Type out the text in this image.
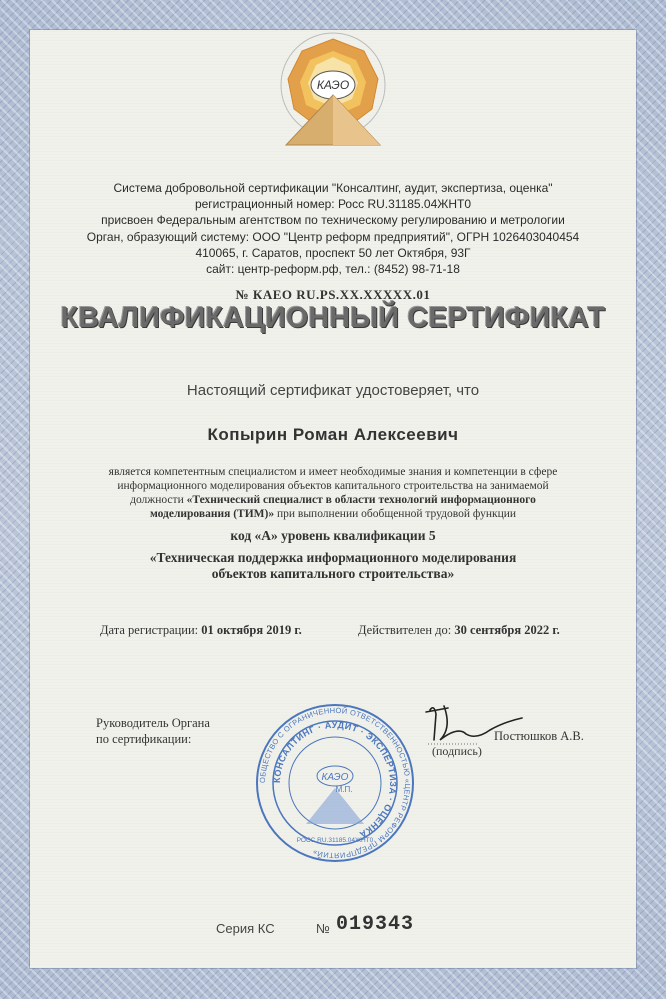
КАЭО
Система добровольной сертификации "Консалтинг, аудит, экспертиза, оценка"
регистрационный номер: Росс RU.31185.04ЖНТ0
присвоен Федеральным агентством по техническому регулированию и метрологии
Орган, образующий систему: ООО "Центр реформ предприятий", ОГРН 1026403040454
410065, г. Саратов, проспект 50 лет Октября, 93Г
сайт: центр-реформ.рф, тел.: (8452) 98-71-18
№ КАЕО RU.PS.XX.XXXXX.01
КВАЛИФИКАЦИОННЫЙ СЕРТИФИКАТ
Настоящий сертификат удостоверяет, что
Копырин Роман Алексеевич
является компетентным специалистом и имеет необходимые знания и компетенции в сфере
информационного моделирования объектов капитального строительства на занимаемой
должности «Технический специалист в области технологий информационного
моделирования (ТИМ)» при выполнении обобщенной трудовой функции
код «А» уровень квалификации 5
«Техническая поддержка информационного моделирования
объектов капитального строительства»
Дата регистрации: 01 октября 2019 г.	Действителен до: 30 сентября 2022 г.
Руководитель Органа
по сертификации:	Постюшков А.В.
(подпись)
ОБЩЕСТВО С ОГРАНИЧЕННОЙ ОТВЕТСТВЕННОСТЬЮ «ЦЕНТР РЕФОРМ ПРЕДПРИЯТИЙ»
КОНСАЛТИНГ · АУДИТ · ЭКСПЕРТИЗА · ОЦЕНКА
КАЭО
М.П.
РОСС RU.31185.04ЖНТ0
Серия КС	№ 019343
